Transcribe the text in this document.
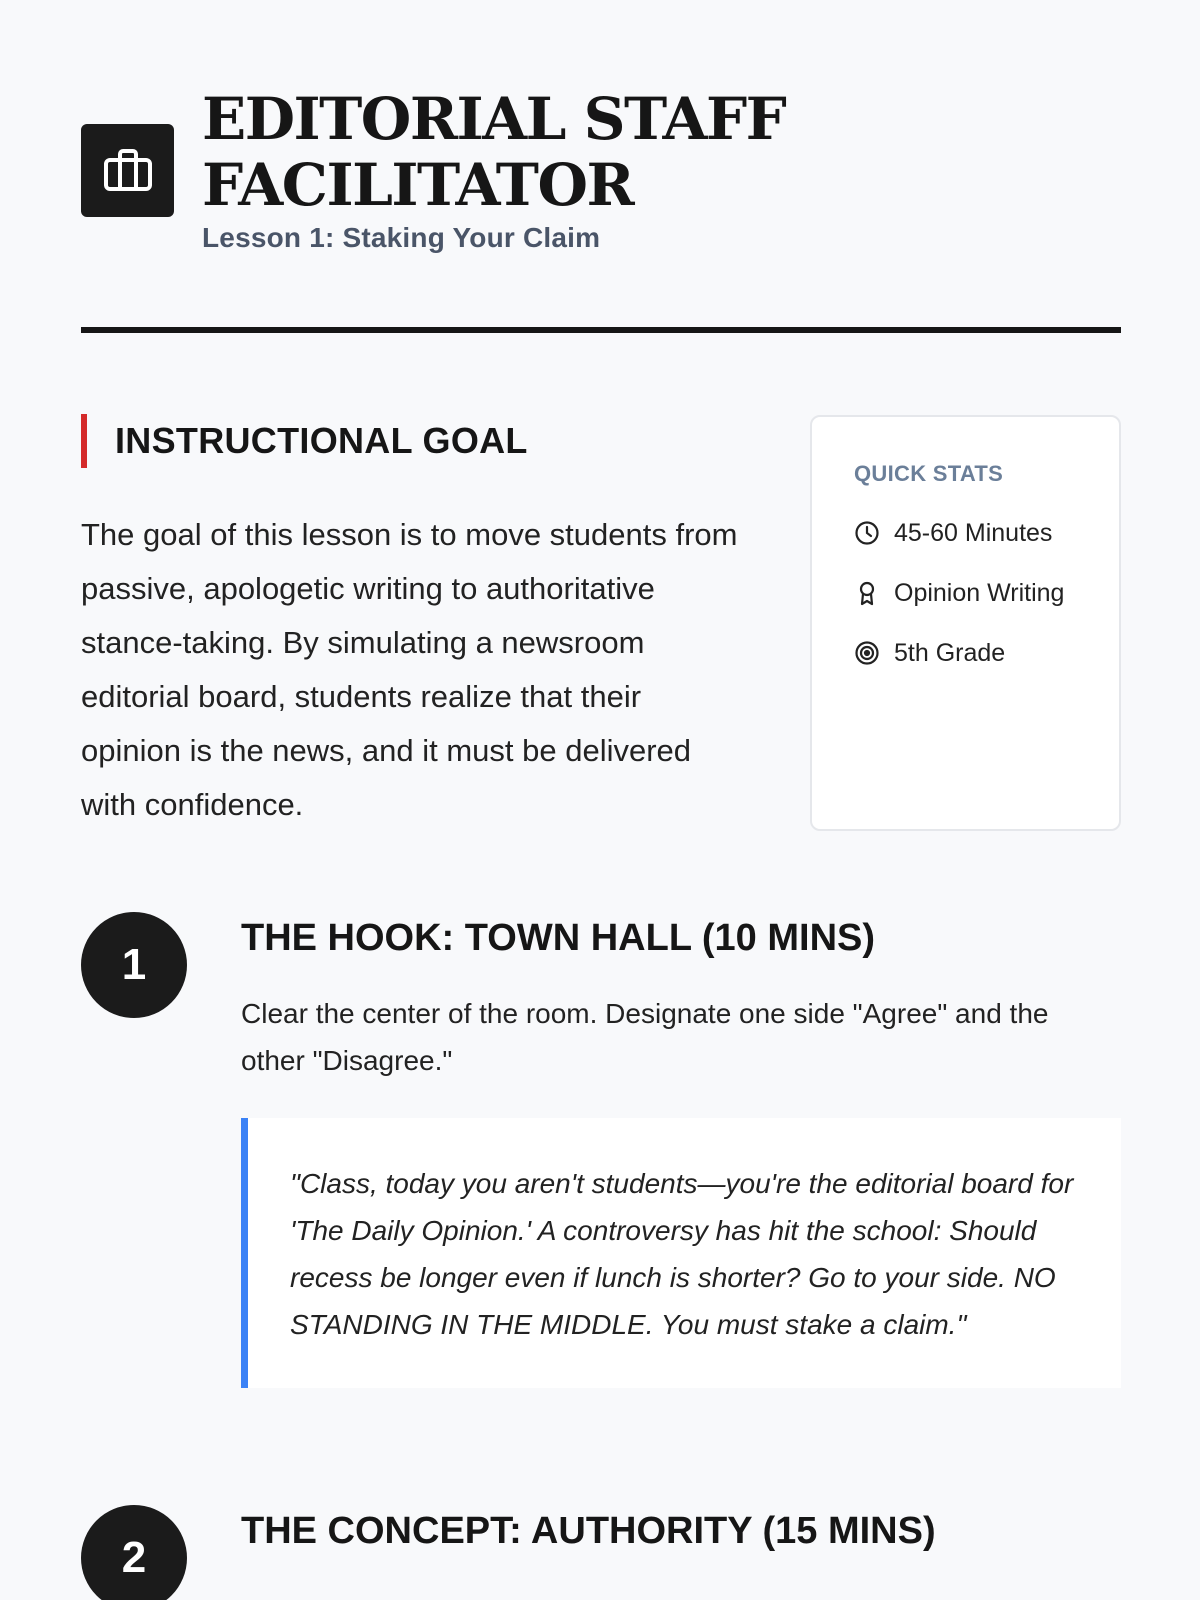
EDITORIAL STAFF FACILITATOR
Lesson 1: Staking Your Claim
INSTRUCTIONAL GOAL

The goal of this lesson is to move students from passive, apologetic writing to authoritative stance-taking. By simulating a newsroom editorial board, students realize that their opinion is the news, and it must be delivered with confidence.

QUICK STATS
45-60 Minutes
Opinion Writing
5th Grade
1
THE HOOK: TOWN HALL (10 MINS)

Clear the center of the room. Designate one side "Agree" and the other "Disagree."

"Class, today you aren't students—you're the editorial board for 'The Daily Opinion.' A controversy has hit the school: Should recess be longer even if lunch is shorter? Go to your side. NO STANDING IN THE MIDDLE. You must stake a claim."
2
THE CONCEPT: AUTHORITY (15 MINS)
